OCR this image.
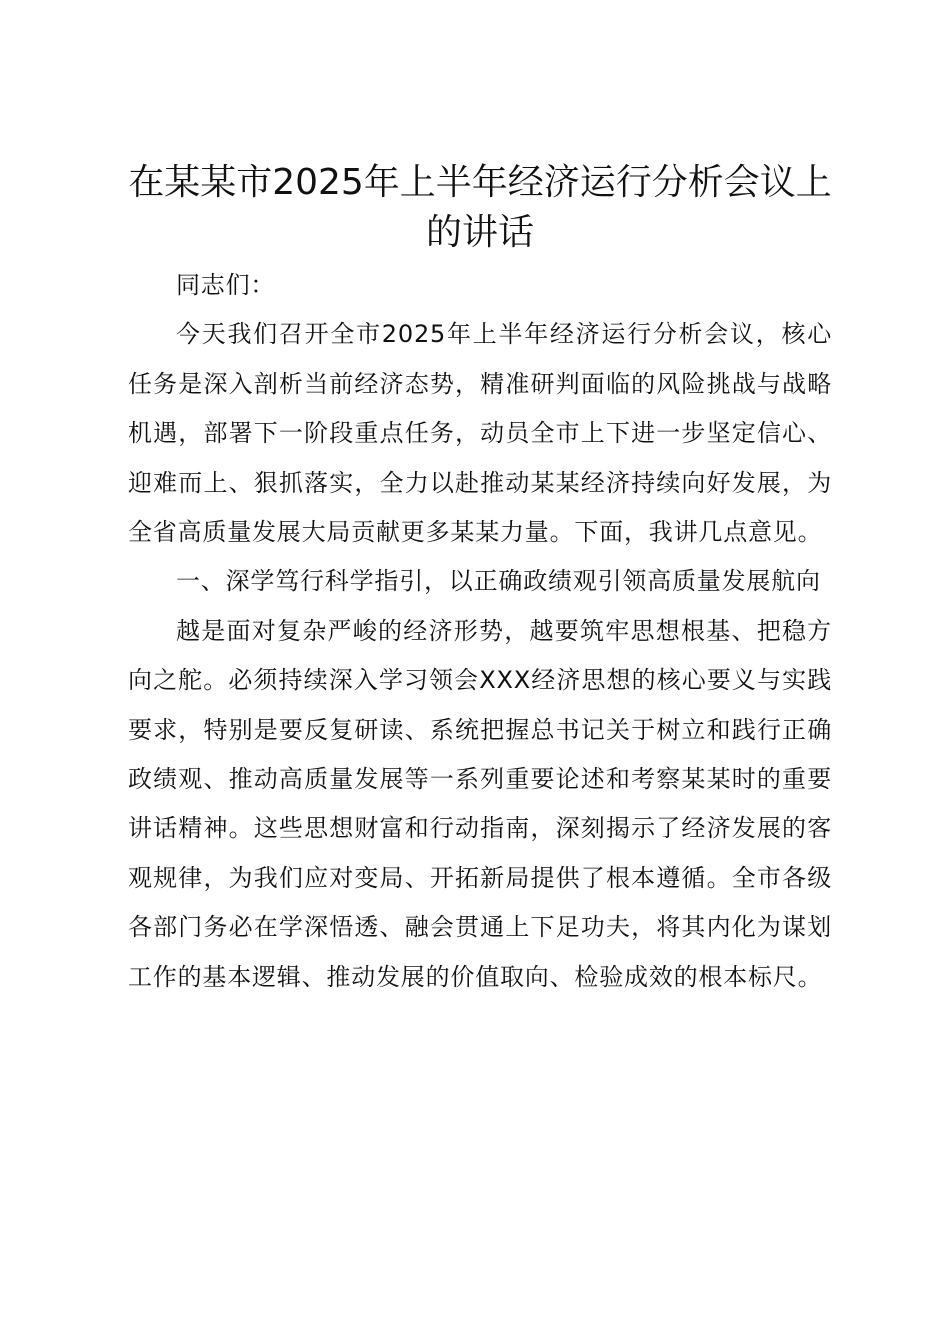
在某某市2025年上半年经济运行分析会议上的讲话

同志们：

今天我们召开全市2025年上半年经济运行分析会议，核心任务是深入剖析当前经济态势，精准研判面临的风险挑战与战略机遇，部署下一阶段重点任务，动员全市上下进一步坚定信心、迎难而上、狠抓落实，全力以赴推动某某经济持续向好发展，为全省高质量发展大局贡献更多某某力量。下面，我讲几点意见。

一、深学笃行科学指引，以正确政绩观引领高质量发展航向

越是面对复杂严峻的经济形势，越要筑牢思想根基、把稳方向之舵。必须持续深入学习领会XXX经济思想的核心要义与实践要求，特别是要反复研读、系统把握总书记关于树立和践行正确政绩观、推动高质量发展等一系列重要论述和考察某某时的重要讲话精神。这些思想财富和行动指南，深刻揭示了经济发展的客观规律，为我们应对变局、开拓新局提供了根本遵循。全市各级各部门务必在学深悟透、融会贯通上下足功夫，将其内化为谋划工作的基本逻辑、推动发展的价值取向、检验成效的根本标尺。
